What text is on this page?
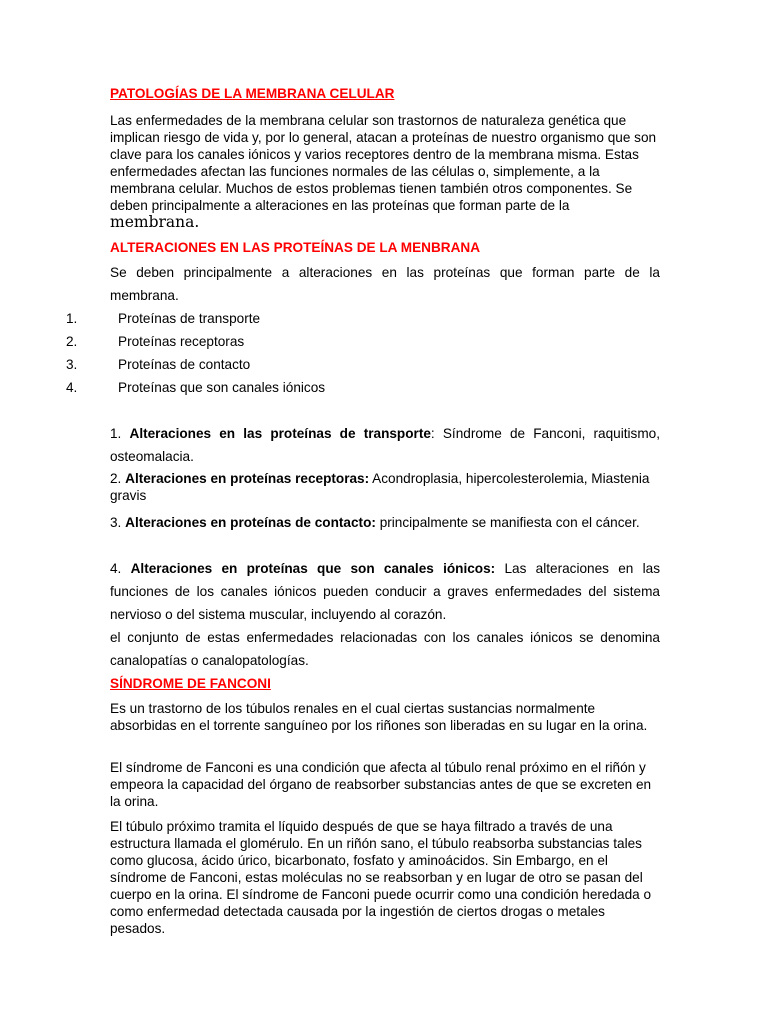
PATOLOGÍAS DE LA MEMBRANA CELULAR

Las enfermedades de la membrana celular son trastornos de naturaleza genética que implican riesgo de vida y, por lo general, atacan a proteínas de nuestro organismo que son clave para los canales iónicos y varios receptores dentro de la membrana misma. Estas enfermedades afectan las funciones normales de las células o, simplemente, a la membrana celular. Muchos de estos problemas tienen también otros componentes. Se deben principalmente a alteraciones en las proteínas que forman parte de la membrana.

ALTERACIONES EN LAS PROTEÍNAS DE LA MENBRANA

Se deben principalmente a alteraciones en las proteínas que forman parte de la membrana.

1.	Proteínas de transporte

2.	Proteínas receptoras

3.	Proteínas de contacto

4.	Proteínas que son canales iónicos

1. Alteraciones en las proteínas de transporte: Síndrome de Fanconi, raquitismo, osteomalacia.

2. Alteraciones en proteínas receptoras: Acondroplasia, hipercolesterolemia, Miastenia gravis

3. Alteraciones en proteínas de contacto: principalmente se manifiesta con el cáncer.

4. Alteraciones en proteínas que son canales iónicos: Las alteraciones en las funciones de los canales iónicos pueden conducir a graves enfermedades del sistema nervioso o del sistema muscular, incluyendo al corazón.

el conjunto de estas enfermedades relacionadas con los canales iónicos se denomina canalopatías o canalopatologías.

SÍNDROME DE FANCONI

Es un trastorno de los túbulos renales en el cual ciertas sustancias normalmente absorbidas en el torrente sanguíneo por los riñones son liberadas en su lugar en la orina.

El síndrome de Fanconi es una condición que afecta al túbulo renal próximo en el riñón y empeora la capacidad del órgano de reabsorber substancias antes de que se excreten en la orina.

El túbulo próximo tramita el líquido después de que se haya filtrado a través de una estructura llamada el glomérulo. En un riñón sano, el túbulo reabsorba substancias tales como glucosa, ácido úrico, bicarbonato, fosfato y aminoácidos. Sin Embargo, en el síndrome de Fanconi, estas moléculas no se reabsorban y en lugar de otro se pasan del cuerpo en la orina. El síndrome de Fanconi puede ocurrir como una condición heredada o como enfermedad detectada causada por la ingestión de ciertos drogas o metales pesados.
